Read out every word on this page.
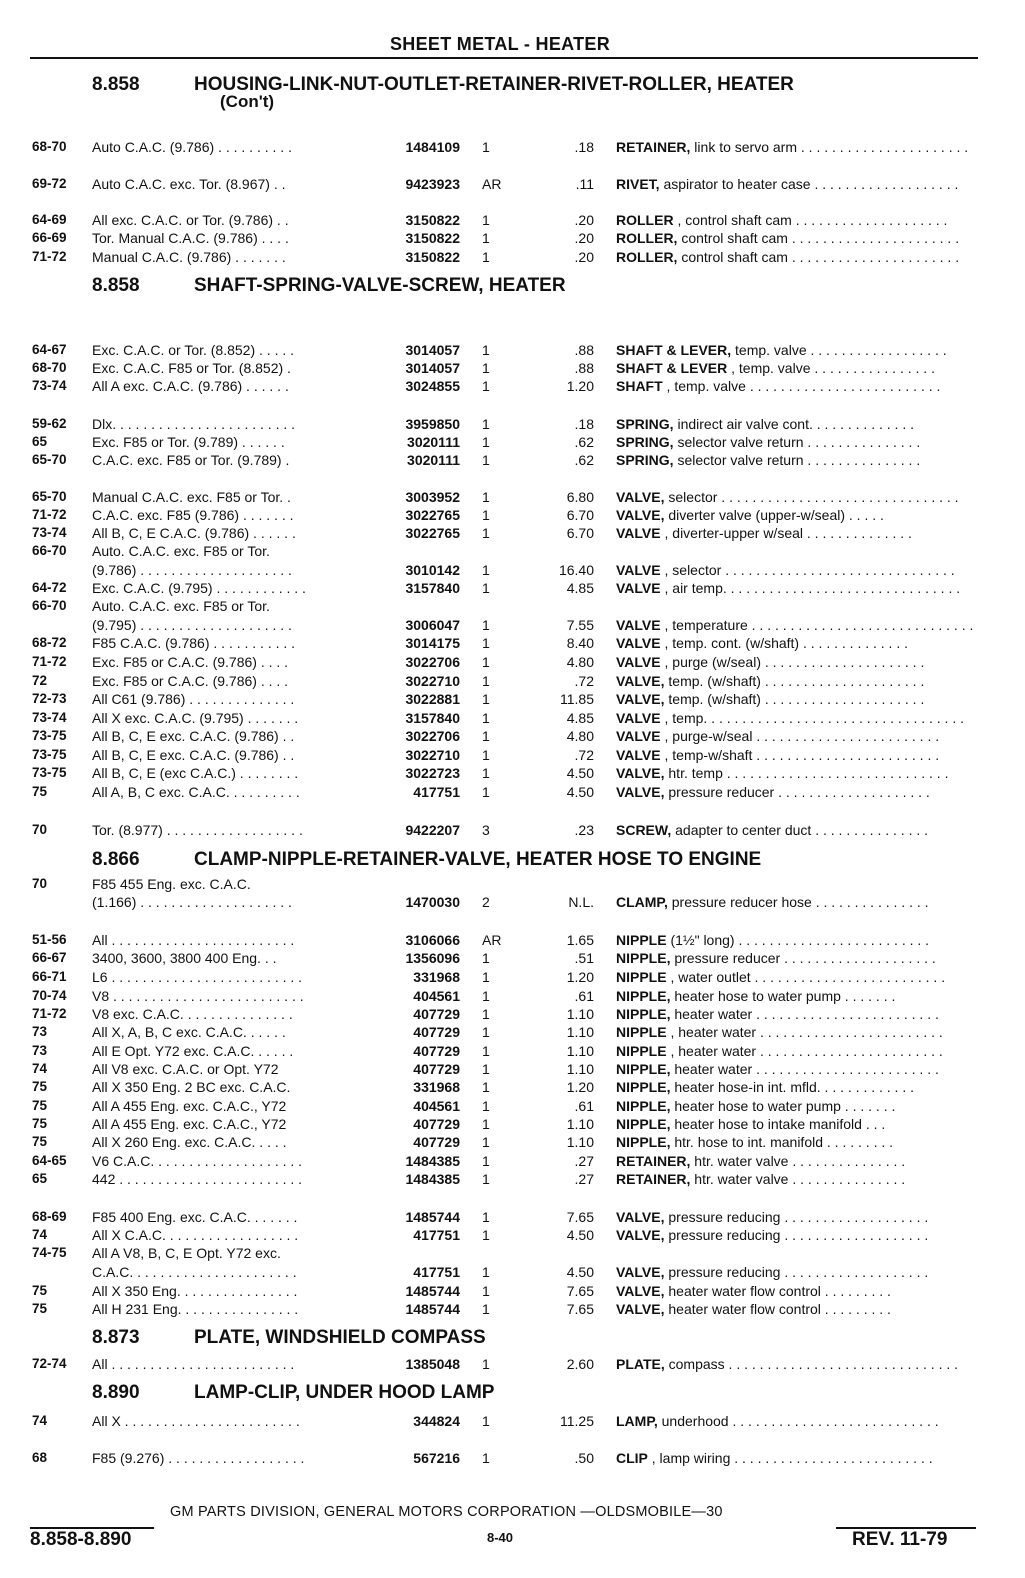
SHEET METAL - HEATER
8.858	HOUSING-LINK-NUT-OUTLET-RETAINER-RIVET-ROLLER, HEATER
(Con't)
68-70 Auto C.A.C. (9.786) . . . . . . . . . .	1484109 1	.18 RETAINER, link to servo arm . . . . . . . . . . . . . . . . . . . . . .
69-72 Auto C.A.C. exc. Tor. (8.967) . .	9423923 AR	.11 RIVET, aspirator to heater case . . . . . . . . . . . . . . . . . . .
64-69 All exc. C.A.C. or Tor. (9.786) . .	3150822 1	.20 ROLLER , control shaft cam . . . . . . . . . . . . . . . . . . . .
66-69 Tor. Manual C.A.C. (9.786) . . . .	3150822 1	.20 ROLLER, control shaft cam . . . . . . . . . . . . . . . . . . . . . .
71-72 Manual C.A.C. (9.786) . . . . . . .	3150822 1	.20 ROLLER, control shaft cam . . . . . . . . . . . . . . . . . . . . . .
8.858	SHAFT-SPRING-VALVE-SCREW, HEATER
64-67 Exc. C.A.C. or Tor. (8.852) . . . . .	3014057 1	.88 SHAFT & LEVER, temp. valve . . . . . . . . . . . . . . . . . .
68-70 Exc. C.A.C. F85 or Tor. (8.852) .	3014057 1	.88 SHAFT & LEVER , temp. valve . . . . . . . . . . . . . . . .
73-74 All A exc. C.A.C. (9.786) . . . . . .	3024855 1	1.20 SHAFT , temp. valve . . . . . . . . . . . . . . . . . . . . . . . . .
59-62 Dlx. . . . . . . . . . . . . . . . . . . . . . . .	3959850 1	.18 SPRING, indirect air valve cont. . . . . . . . . . . . . .
65	Exc. F85 or Tor. (9.789) . . . . . .	3020111 1	.62 SPRING, selector valve return . . . . . . . . . . . . . . .
65-70 C.A.C. exc. F85 or Tor. (9.789) .	3020111 1	.62 SPRING, selector valve return . . . . . . . . . . . . . . .
65-70 Manual C.A.C. exc. F85 or Tor. .	3003952 1	6.80 VALVE, selector . . . . . . . . . . . . . . . . . . . . . . . . . . . . . . .
71-72 C.A.C. exc. F85 (9.786) . . . . . . .	3022765 1	6.70 VALVE, diverter valve (upper-w/seal) . . . . .
73-74 All B, C, E C.A.C. (9.786) . . . . . .	3022765 1	6.70 VALVE , diverter-upper w/seal . . . . . . . . . . . . . .
66-70 Auto. C.A.C. exc. F85 or Tor.
(9.786) . . . . . . . . . . . . . . . . . . . .	3010142 1	16.40 VALVE , selector . . . . . . . . . . . . . . . . . . . . . . . . . . . . . .
64-72 Exc. C.A.C. (9.795) . . . . . . . . . . . .	3157840 1	4.85 VALVE , air temp. . . . . . . . . . . . . . . . . . . . . . . . . . . . . . .
66-70 Auto. C.A.C. exc. F85 or Tor.
(9.795) . . . . . . . . . . . . . . . . . . . .	3006047 1	7.55 VALVE , temperature . . . . . . . . . . . . . . . . . . . . . . . . . . . . .
68-72 F85 C.A.C. (9.786) . . . . . . . . . . .	3014175 1	8.40 VALVE , temp. cont. (w/shaft) . . . . . . . . . . . . . .
71-72 Exc. F85 or C.A.C. (9.786) . . . .	3022706 1	4.80 VALVE , purge (w/seal) . . . . . . . . . . . . . . . . . . . . .
72	Exc. F85 or C.A.C. (9.786) . . . .	3022710 1	.72 VALVE, temp. (w/shaft) . . . . . . . . . . . . . . . . . . . . .
72-73 All C61 (9.786) . . . . . . . . . . . . . .	3022881 1	11.85 VALVE, temp. (w/shaft) . . . . . . . . . . . . . . . . . . . . .
73-74 All X exc. C.A.C. (9.795) . . . . . . .	3157840 1	4.85 VALVE , temp. . . . . . . . . . . . . . . . . . . . . . . . . . . . . . . . . .
73-75 All B, C, E exc. C.A.C. (9.786) . .	3022706 1	4.80 VALVE , purge-w/seal . . . . . . . . . . . . . . . . . . . . . . . .
73-75 All B, C, E exc. C.A.C. (9.786) . .	3022710 1	.72 VALVE , temp-w/shaft . . . . . . . . . . . . . . . . . . . . . . . .
73-75 All B, C, E (exc C.A.C.) . . . . . . . .	3022723 1	4.50 VALVE, htr. temp . . . . . . . . . . . . . . . . . . . . . . . . . . . . .
75	All A, B, C exc. C.A.C. . . . . . . . . .	417751 1	4.50 VALVE, pressure reducer . . . . . . . . . . . . . . . . . . . .
70	Tor. (8.977) . . . . . . . . . . . . . . . . . .	9422207 3	.23 SCREW, adapter to center duct . . . . . . . . . . . . . . .
8.866	CLAMP-NIPPLE-RETAINER-VALVE, HEATER HOSE TO ENGINE
70	F85 455 Eng. exc. C.A.C.
(1.166) . . . . . . . . . . . . . . . . . . . .	1470030 2	N.L. CLAMP, pressure reducer hose . . . . . . . . . . . . . . .
51-56 All . . . . . . . . . . . . . . . . . . . . . . . .	3106066 AR	1.65 NIPPLE (1½" long) . . . . . . . . . . . . . . . . . . . . . . . . .
66-67 3400, 3600, 3800 400 Eng. . .	1356096 1	.51 NIPPLE, pressure reducer . . . . . . . . . . . . . . . . . . . .
66-71 L6 . . . . . . . . . . . . . . . . . . . . . . . . .	331968 1	1.20 NIPPLE , water outlet . . . . . . . . . . . . . . . . . . . . . . . . .
70-74 V8 . . . . . . . . . . . . . . . . . . . . . . . . .	404561 1	.61 NIPPLE, heater hose to water pump . . . . . . .
71-72 V8 exc. C.A.C. . . . . . . . . . . . . . .	407729 1	1.10 NIPPLE, heater water . . . . . . . . . . . . . . . . . . . . . . . .
73	All X, A, B, C exc. C.A.C. . . . . .	407729 1	1.10 NIPPLE , heater water . . . . . . . . . . . . . . . . . . . . . . . .
73	All E Opt. Y72 exc. C.A.C. . . . . .	407729 1	1.10 NIPPLE , heater water . . . . . . . . . . . . . . . . . . . . . . . .
74	All V8 exc. C.A.C. or Opt. Y72	407729 1	1.10 NIPPLE, heater water . . . . . . . . . . . . . . . . . . . . . . . .
75	All X 350 Eng. 2 BC exc. C.A.C.	331968 1	1.20 NIPPLE, heater hose-in int. mfld. . . . . . . . . . . . .
75	All A 455 Eng. exc. C.A.C., Y72	404561 1	.61 NIPPLE, heater hose to water pump . . . . . . .
75	All A 455 Eng. exc. C.A.C., Y72	407729 1	1.10 NIPPLE, heater hose to intake manifold . . .
75	All X 260 Eng. exc. C.A.C. . . . .	407729 1	1.10 NIPPLE, htr. hose to int. manifold . . . . . . . . .
64-65 V6 C.A.C. . . . . . . . . . . . . . . . . . . .	1484385 1	.27 RETAINER, htr. water valve . . . . . . . . . . . . . . .
65	442 . . . . . . . . . . . . . . . . . . . . . . . .	1484385 1	.27 RETAINER, htr. water valve . . . . . . . . . . . . . . .
68-69 F85 400 Eng. exc. C.A.C. . . . . . .	1485744 1	7.65 VALVE, pressure reducing . . . . . . . . . . . . . . . . . . .
74	All X C.A.C. . . . . . . . . . . . . . . . . .	417751 1	4.50 VALVE, pressure reducing . . . . . . . . . . . . . . . . . . .
74-75 All A V8, B, C, E Opt. Y72 exc.
C.A.C. . . . . . . . . . . . . . . . . . . . . .	417751 1	4.50 VALVE, pressure reducing . . . . . . . . . . . . . . . . . . .
75	All X 350 Eng. . . . . . . . . . . . . . . .	1485744 1	7.65 VALVE, heater water flow control . . . . . . . . .
75	All H 231 Eng. . . . . . . . . . . . . . . .	1485744 1	7.65 VALVE, heater water flow control . . . . . . . . .
8.873	PLATE, WINDSHIELD COMPASS
72-74 All . . . . . . . . . . . . . . . . . . . . . . . .	1385048 1	2.60 PLATE, compass . . . . . . . . . . . . . . . . . . . . . . . . . . . . . .
8.890	LAMP-CLIP, UNDER HOOD LAMP
74	All X . . . . . . . . . . . . . . . . . . . . . . .	344824 1	11.25 LAMP, underhood . . . . . . . . . . . . . . . . . . . . . . . . . . .
68	F85 (9.276) . . . . . . . . . . . . . . . . . .	567216 1	.50 CLIP , lamp wiring . . . . . . . . . . . . . . . . . . . . . . . . . .
GM PARTS DIVISION, GENERAL MOTORS CORPORATION —OLDSMOBILE—30
8.858-8.890	8-40	REV. 11-79
